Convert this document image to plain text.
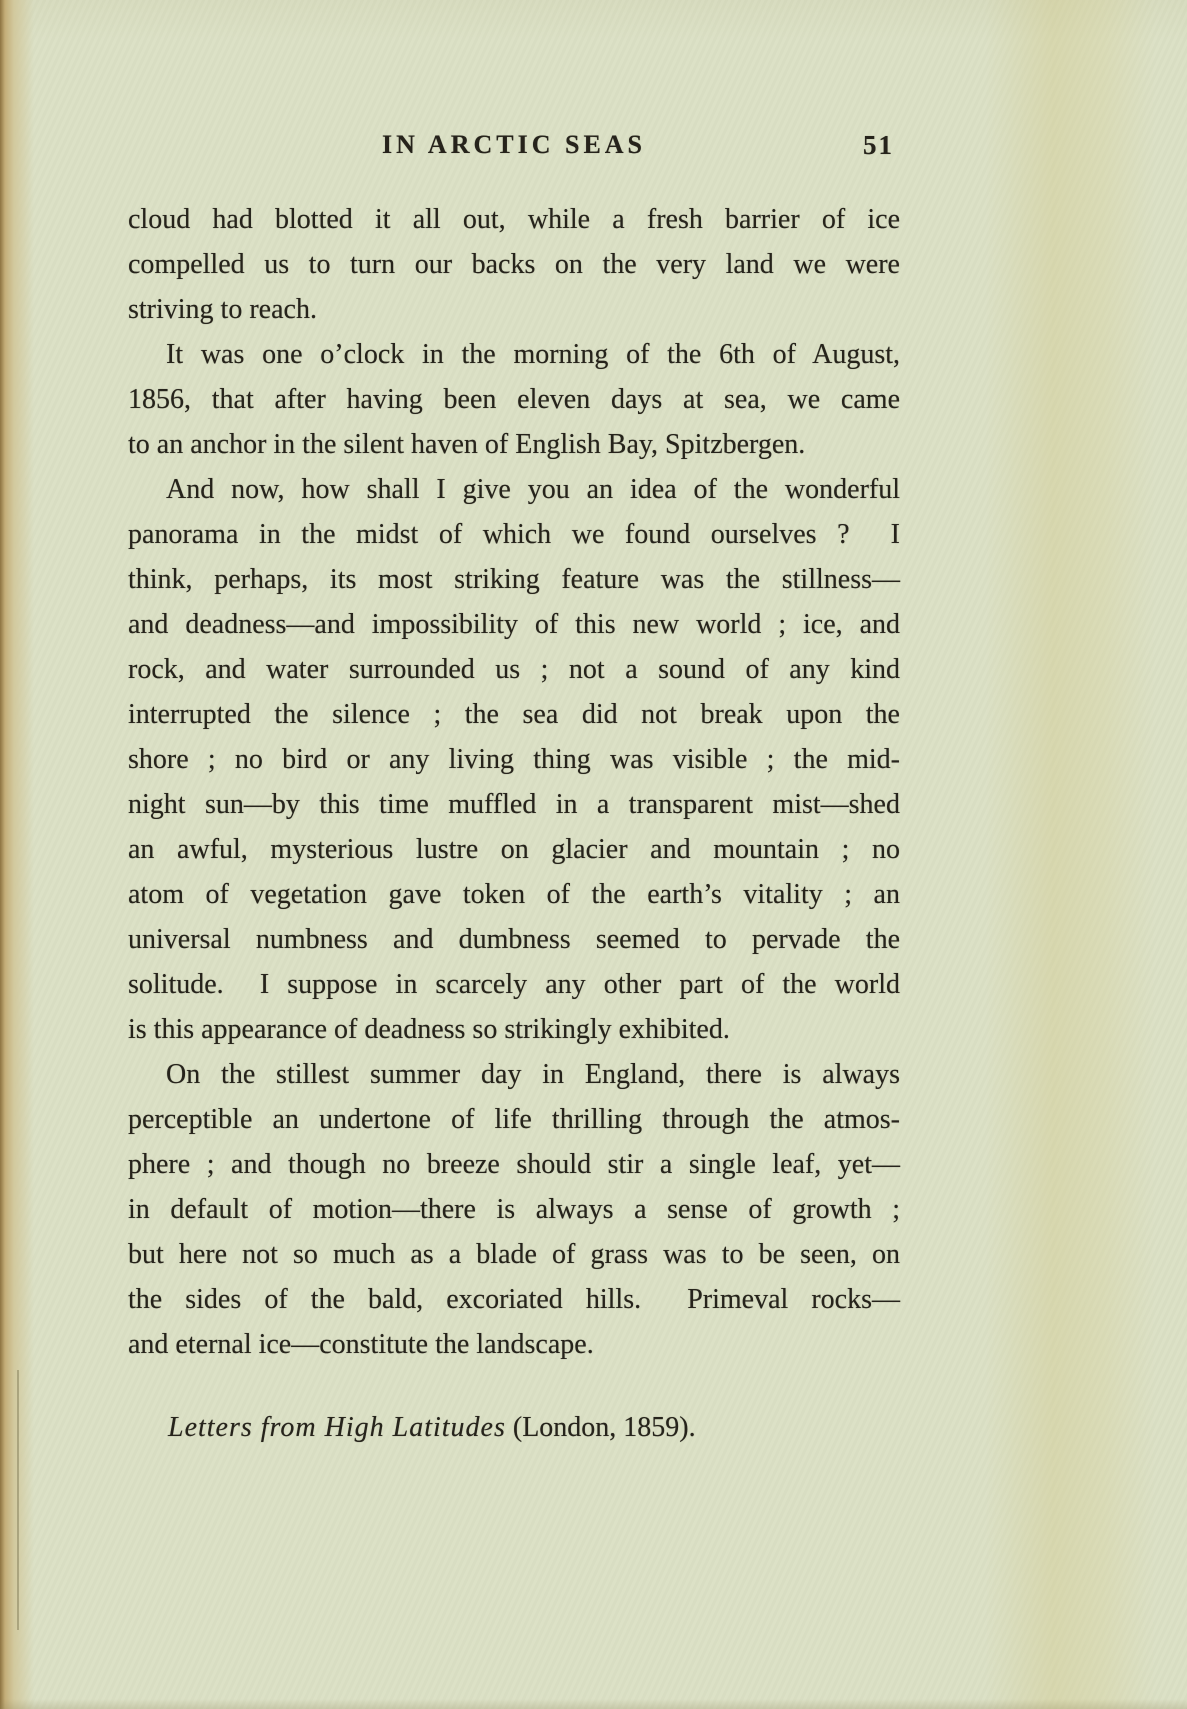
IN ARCTIC SEAS	51
cloud had blotted it all out, while a fresh barrier of ice
compelled us to turn our backs on the very land we were
striving to reach.
It was one o’clock in the morning of the 6th of August,
1856, that after having been eleven days at sea, we came
to an anchor in the silent haven of English Bay, Spitzbergen.
And now, how shall I give you an idea of the wonderful
panorama in the midst of which we found ourselves ?  I
think, perhaps, its most striking feature was the stillness—
and deadness—and impossibility of this new world ; ice, and
rock, and water surrounded us ; not a sound of any kind
interrupted the silence ; the sea did not break upon the
shore ; no bird or any living thing was visible ; the mid-
night sun—by this time muffled in a transparent mist—shed
an awful, mysterious lustre on glacier and mountain ; no
atom of vegetation gave token of the earth’s vitality ; an
universal numbness and dumbness seemed to pervade the
solitude.  I suppose in scarcely any other part of the world
is this appearance of deadness so strikingly exhibited.
On the stillest summer day in England, there is always
perceptible an undertone of life thrilling through the atmos-
phere ; and though no breeze should stir a single leaf, yet—
in default of motion—there is always a sense of growth ;
but here not so much as a blade of grass was to be seen, on
the sides of the bald, excoriated hills.  Primeval rocks—
and eternal ice—constitute the landscape.
Letters from High Latitudes (London, 1859).
